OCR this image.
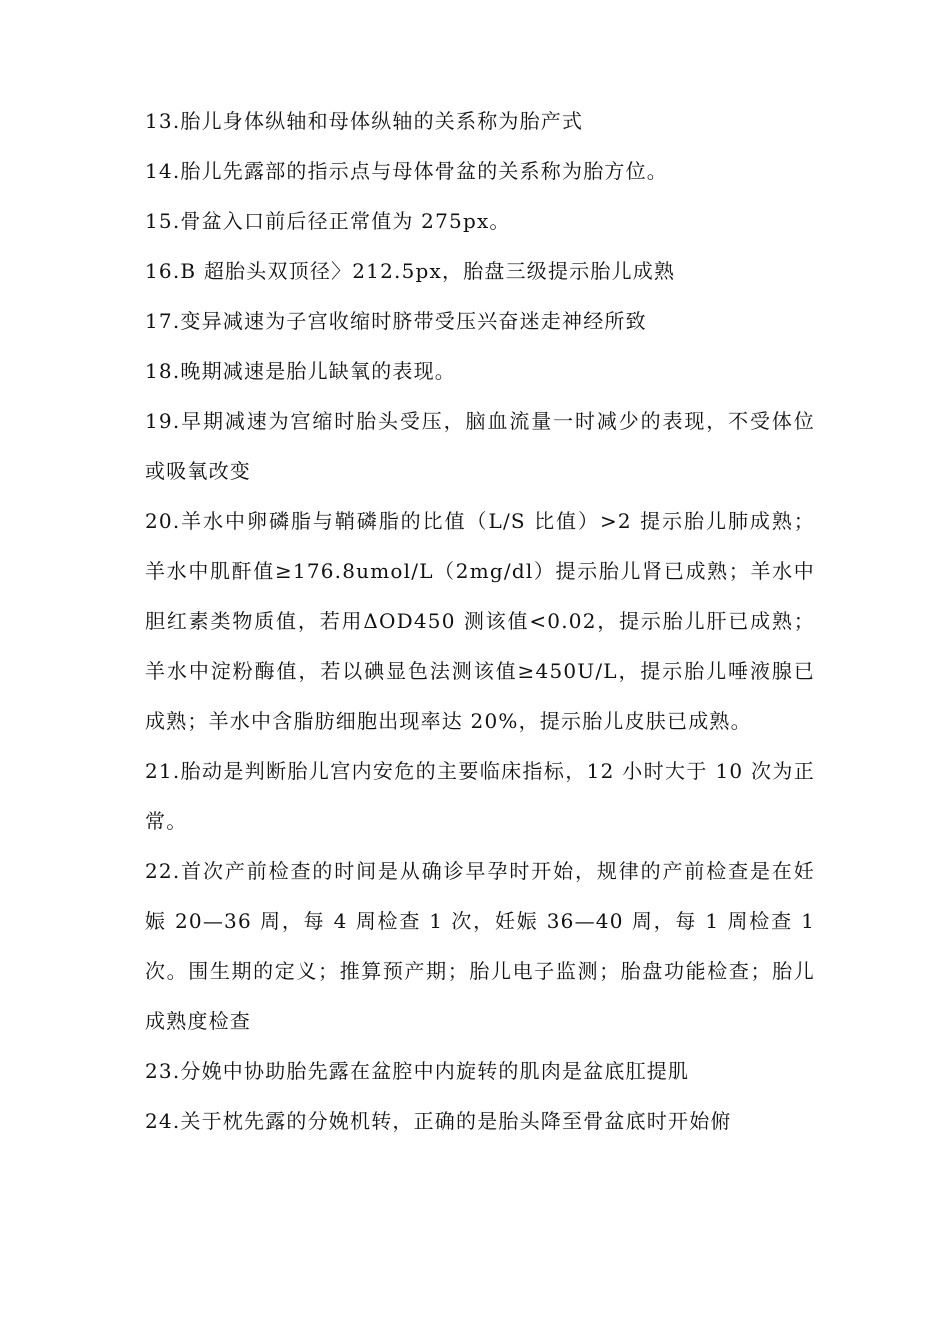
13.胎儿身体纵轴和母体纵轴的关系称为胎产式

14.胎儿先露部的指示点与母体骨盆的关系称为胎方位。

15.骨盆入口前后径正常值为 275px。

16.B 超胎头双顶径〉212.5px，胎盘三级提示胎儿成熟

17.变异减速为子宫收缩时脐带受压兴奋迷走神经所致

18.晚期减速是胎儿缺氧的表现。

19.早期减速为宫缩时胎头受压，脑血流量一时减少的表现，不受体位或吸氧改变

20.羊水中卵磷脂与鞘磷脂的比值（L/S 比值）>2 提示胎儿肺成熟；羊水中肌酐值≥176.8umol/L（2mg/dl）提示胎儿肾已成熟；羊水中胆红素类物质值，若用ΔOD450 测该值<0.02，提示胎儿肝已成熟；羊水中淀粉酶值，若以碘显色法测该值≥450U/L，提示胎儿唾液腺已成熟；羊水中含脂肪细胞出现率达 20%，提示胎儿皮肤已成熟。

21.胎动是判断胎儿宫内安危的主要临床指标，12 小时大于 10 次为正常。

22.首次产前检查的时间是从确诊早孕时开始，规律的产前检查是在妊娠 20—36 周，每 4 周检查 1 次，妊娠 36—40 周，每 1 周检查 1 次。围生期的定义；推算预产期；胎儿电子监测；胎盘功能检查；胎儿成熟度检查

23.分娩中协助胎先露在盆腔中内旋转的肌肉是盆底肛提肌

24.关于枕先露的分娩机转，正确的是胎头降至骨盆底时开始俯
